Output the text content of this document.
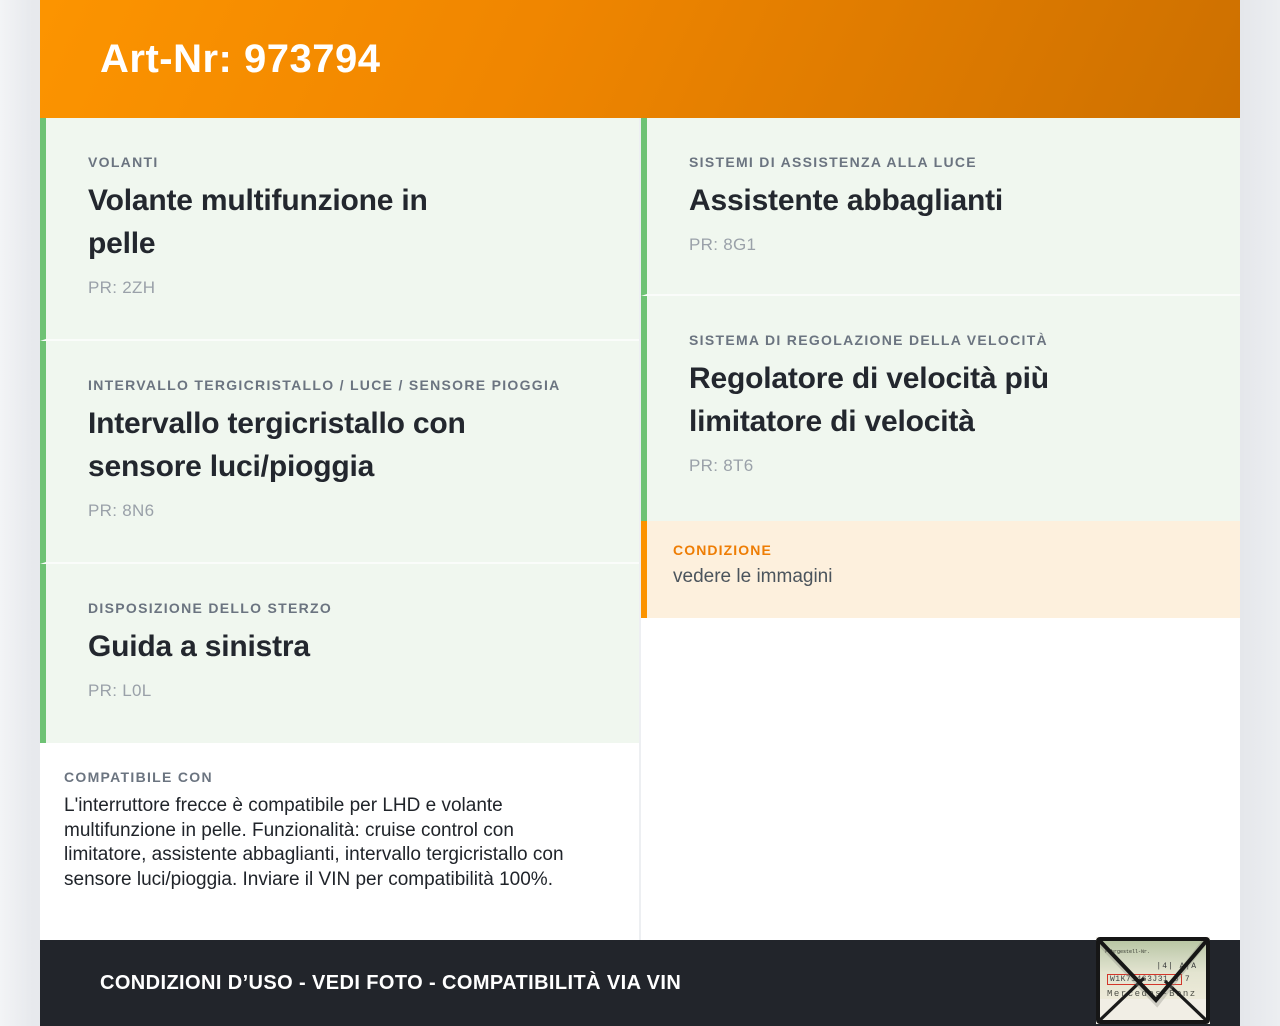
Art-Nr: 973794
VOLANTI
Volante multifunzione in
pelle
PR: 2ZH
INTERVALLO TERGICRISTALLO / LUCE / SENSORE PIOGGIA
Intervallo tergicristallo con
sensore luci/pioggia
PR: 8N6
DISPOSIZIONE DELLO STERZO
Guida a sinistra
PR: L0L
COMPATIBILE CON
L'interruttore frecce è compatibile per LHD e volante multifunzione in pelle. Funzionalità: cruise control con limitatore, assistente abbaglianti, intervallo tergicristallo con sensore luci/pioggia. Inviare il VIN per compatibilità 100%.
SISTEMI DI ASSISTENZA ALLA LUCE
Assistente abbaglianti
PR: 8G1
SISTEMA DI REGOLAZIONE DELLA VELOCITÀ
Regolatore di velocità più
limitatore di velocità
PR: 8T6
CONDIZIONE
vedere le immagini
CONDIZIONI D’USO - VEDI FOTO - COMPATIBILITÀ VIA VIN
Fahrgestell-Nr.
|4| A|A
W1K71463J31 8 7
Mercedes-Benz
